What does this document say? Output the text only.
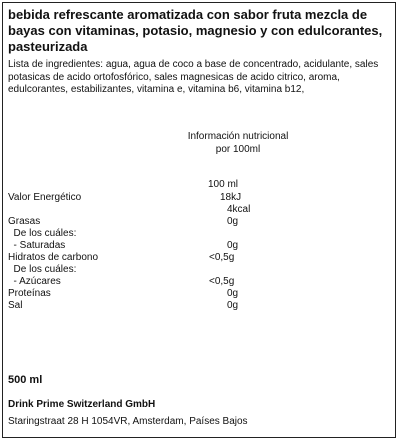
bebida refrescante aromatizada con sabor fruta mezcla de bayas con vitaminas, potasio, magnesio y con edulcorantes, pasteurizada
Lista de ingredientes: agua, agua de coco a base de concentrado, acidulante, sales potasicas de acido ortofosfórico, sales magnesicas de acido citrico, aroma, edulcorantes, estabilizantes, vitamina e, vitamina b6, vitamina b12,
Información nutricional
por 100ml
100 ml
Valor Energético	18kJ
4kcal
Grasas	0g
De los cuáles:
- Saturadas	0g
Hidratos de carbono	<0,5g
De los cuáles:
- Azúcares	<0,5g
Proteínas	0g
Sal	0g
500 ml
Drink Prime Switzerland GmbH
Staringstraat 28 H 1054VR, Amsterdam, Países Bajos
